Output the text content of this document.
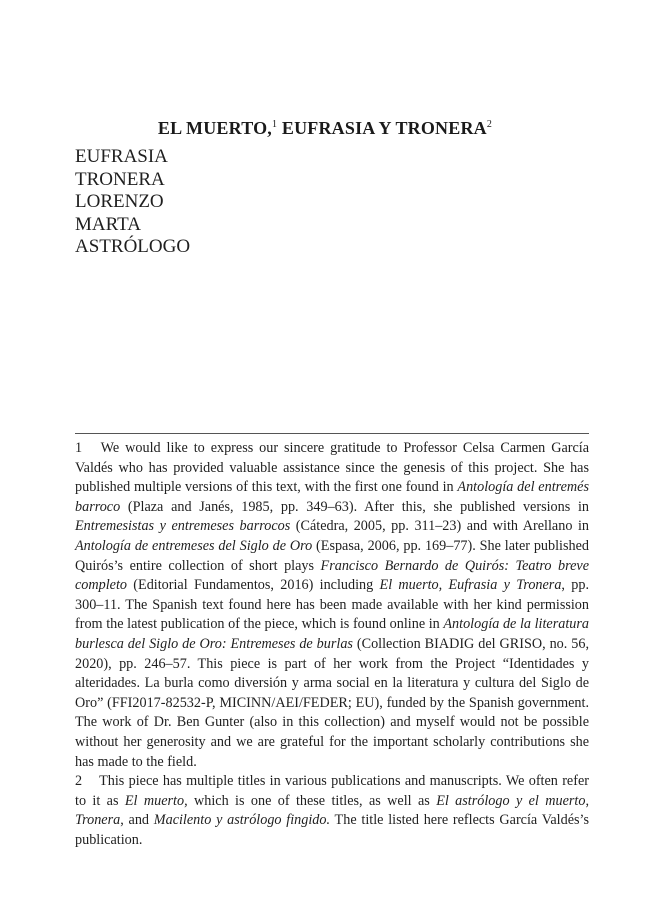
EL MUERTO,$^1$ EUFRASIA Y TRONERA$^2$
EUFRASIA
TRONERA
LORENZO
MARTA
ASTRÓLOGO

1 We would like to express our sincere gratitude to Professor Celsa Carmen García Valdés who has provided valuable assistance since the genesis of this project. She has published multiple versions of this text, with the first one found in Antología del entremés barroco (Plaza and Janés, 1985, pp. 349–63). After this, she published versions in Entremesistas y entremeses barrocos (Cátedra, 2005, pp. 311–23) and with Arellano in Antología de entremeses del Siglo de Oro (Espasa, 2006, pp. 169–77). She later published Quirós’s entire collection of short plays Francisco Bernardo de Quirós: Teatro breve completo (Editorial Fundamentos, 2016) including El muerto, Eufrasia y Tronera, pp. 300–11. The Spanish text found here has been made available with her kind permission from the latest publication of the piece, which is found online in Antología de la literatura burlesca del Siglo de Oro: Entremeses de burlas (Collection BIADIG del GRISO, no. 56, 2020), pp. 246–57. This piece is part of her work from the Project “Identidades y alteridades. La burla como diversión y arma social en la literatura y cultura del Siglo de Oro” (FFI2017-82532-P, MICINN/AEI/FEDER; EU), funded by the Spanish government. The work of Dr. Ben Gunter (also in this collection) and myself would not be possible without her generosity and we are grateful for the important scholarly contributions she has made to the field.

2 This piece has multiple titles in various publications and manuscripts. We often refer to it as El muerto, which is one of these titles, as well as El astrólogo y el muerto, Tronera, and Macilento y astrólogo fingido. The title listed here reflects García Valdés’s publication.
